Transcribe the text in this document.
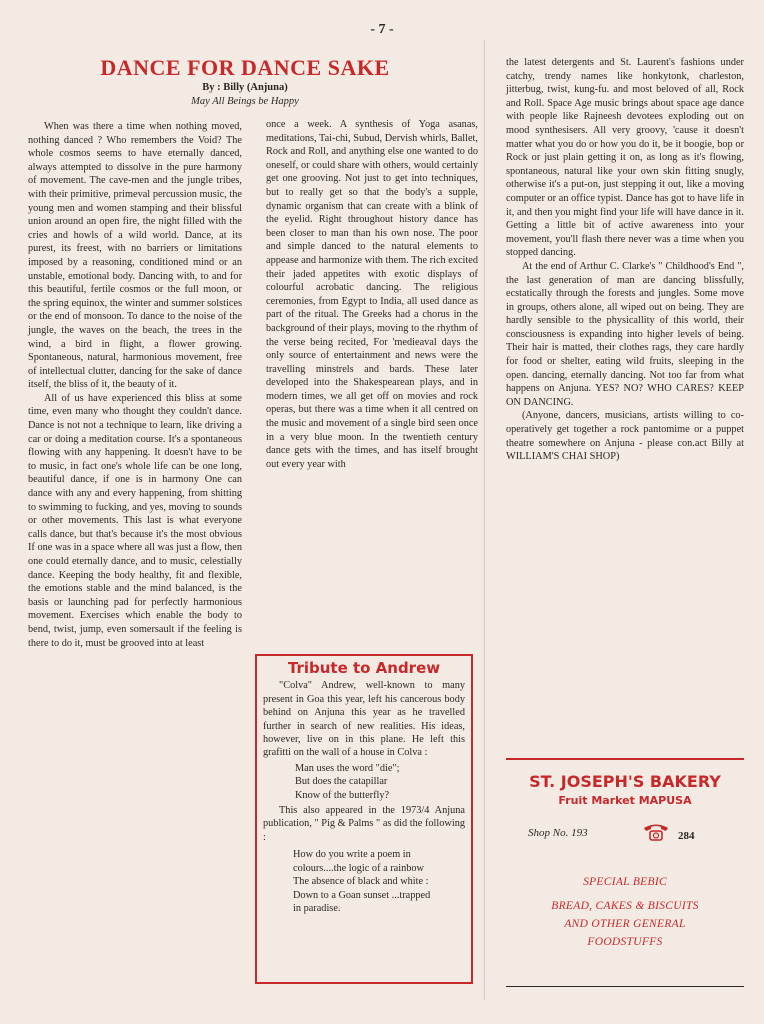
- 7 -
DANCE FOR DANCE SAKE
By : Billy (Anjuna)
May All Beings be Happy

When was there a time when nothing moved, nothing danced ? Who remembers the Void? The whole cosmos seems to have eternally danced, always attempted to dissolve in the pure harmony of movement. The cave-men and the jungle tribes, with their primitive, primeval percussion music, the young men and women stamping and their blissful union around an open fire, the night filled with the cries and howls of a wild world. Dance, at its purest, its freest, with no barriers or limitations imposed by a reasoning, conditioned mind or an unstable, emotional body. Dancing with, to and for this beautiful, fertile cosmos or the full moon, or the spring equinox, the winter and summer solstices or the end of monsoon. To dance to the noise of the jungle, the waves on the beach, the trees in the wind, a bird in flight, a flower growing. Spontaneous, natural, harmonious movement, free of intellectual clutter, dancing for the sake of dance itself, the bliss of it, the beauty of it.

All of us have experienced this bliss at some time, even many who thought they couldn't dance. Dance is not not a technique to learn, like driving a car or doing a meditation course. It's a spontaneous flowing with any happening. It doesn't have to be to music, in fact one's whole life can be one long, beautiful dance, if one is in harmony One can dance with any and every happening, from shitting to swimming to fucking, and yes, moving to sounds or other movements. This last is what everyone calls dance, but that's because it's the most obvious If one was in a space where all was just a flow, then one could eternally dance, and to music, celestially dance. Keeping the body healthy, fit and flexible, the emotions stable and the mind balanced, is the basis or launching pad for perfectly harmonious movement. Exercises which enable the body to bend, twist, jump, even somersault if the feeling is there to do it, must be grooved into at least

once a week. A synthesis of Yoga asanas, meditations, Tai-chi, Subud, Dervish whirls, Ballet, Rock and Roll, and anything else one wanted to do oneself, or could share with others, would certainly get one grooving. Not just to get into techniques, but to really get so that the body's a supple, dynamic organism that can create with a blink of the eyelid. Right throughout history dance has been closer to man than his own nose. The poor and simple danced to the natural elements to appease and harmonize with them. The rich excited their jaded appetites with exotic displays of colourful acrobatic dancing. The religious ceremonies, from Egypt to India, all used dance as part of the ritual. The Greeks had a chorus in the background of their plays, moving to the rhythm of the verse being recited, For 'medieaval days the only source of entertainment and news were the travelling minstrels and bards. These later developed into the Shakespearean plays, and in modern times, we all get off on movies and rock operas, but there was a time when it all centred on the music and movement of a single bird seen once in a very blue moon. In the twentieth century dance gets with the times, and has itself brought out every year with

the latest detergents and St. Laurent's fashions under catchy, trendy names like honkytonk, charleston, jitterbug, twist, kung-fu. and most beloved of all, Rock and Roll. Space Age music brings about space age dance with people like Rajneesh devotees exploding out on mood synthesisers. All very groovy, 'cause it doesn't matter what you do or how you do it, be it boogie, bop or Rock or just plain getting it on, as long as it's flowing, spontaneous, natural like your own skin fitting snugly, otherwise it's a put-on, just stepping it out, like a moving computer or an office typist. Dance has got to have life in it, and then you might find your life will have dance in it. Getting a little bit of active awareness into your movement, you'll flash there never was a time when you stopped dancing.

At the end of Arthur C. Clarke's " Childhood's End ", the last generation of man are dancing blissfully, ecstatically through the forests and jungles. Some move in groups, others alone, all wiped out on being. They are hardly sensible to the physicallity of this world, their consciousness is expanding into higher levels of being. Their hair is matted, their clothes rags, they care hardly for food or shelter, eating wild fruits, sleeping in the open. dancing, eternally dancing. Not too far from what happens on Anjuna. YES? NO? WHO CARES? KEEP ON DANCING.

(Anyone, dancers, musicians, artists willing to co-operatively get together a rock pantomime or a puppet theatre somewhere on Anjuna - please con.act Billy at WILLIAM'S CHAI SHOP)

Tribute to Andrew

"Colva" Andrew, well-known to many present in Goa this year, left his cancerous body behind on Anjuna this year as he travelled further in search of new realities. His ideas, however, live on in this plane. He left this grafitti on the wall of a house in Colva :

Man uses the word "die";
But does the catapillar
Know of the butterfly?

This also appeared in the 1973/4 Anjuna publication, " Pig & Palms " as did the following :

How do you write a poem in
colours....the logic of a rainbow
The absence of black and white :
Down to a Goan sunset ...trapped
in paradise.
ST. JOSEPH'S BAKERY
Fruit Market MAPUSA
Shop No. 193	284
SPECIAL BEBIC
BREAD, CAKES & BISCUITS
AND OTHER GENERAL
FOODSTUFFS
